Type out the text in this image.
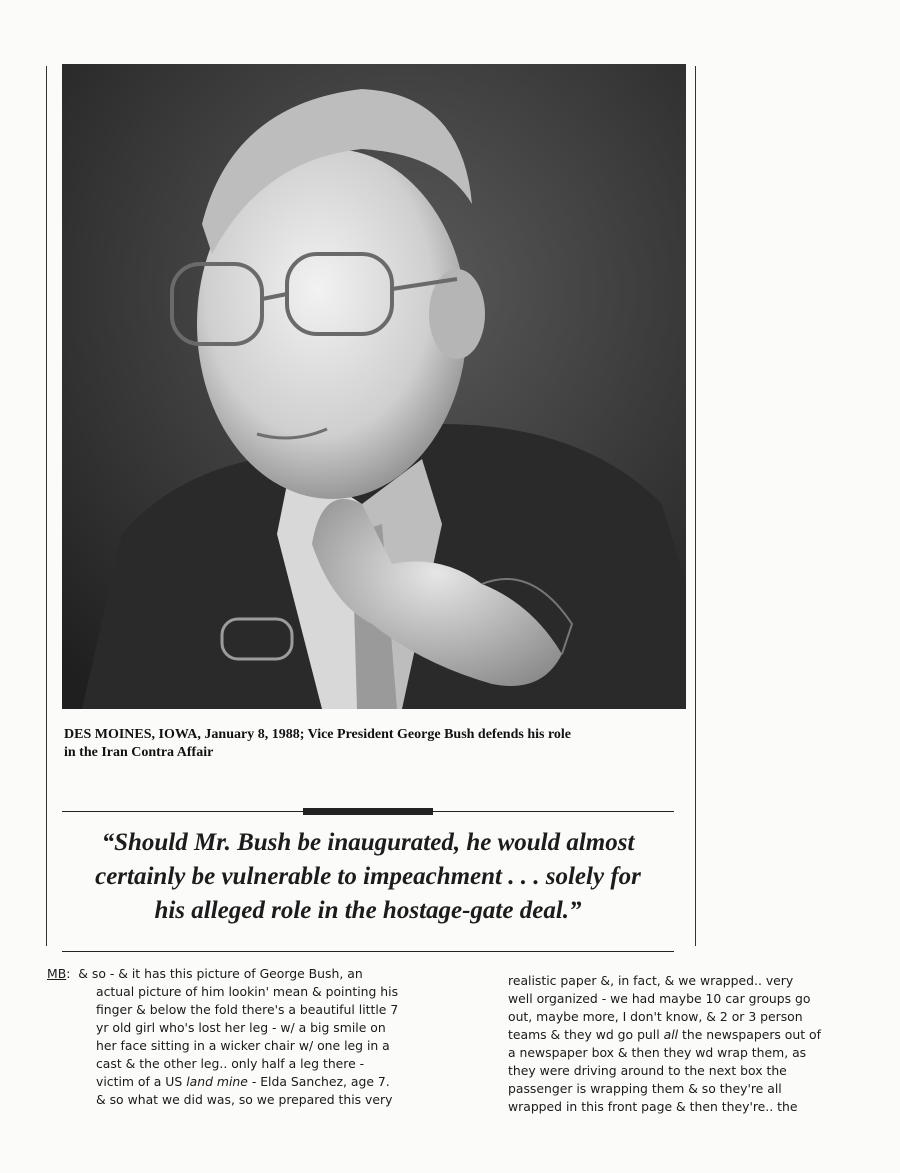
DES MOINES, IOWA, January 8, 1988; Vice President George Bush defends his role
in the Iran Contra Affair
“Should Mr. Bush be inaugurated, he would almost
certainly be vulnerable to impeachment . . . solely for
his alleged role in the hostage-gate deal.”
MB:  & so - & it has this picture of George Bush, an
actual picture of him lookin' mean & pointing his
finger & below the fold there's a beautiful little 7
yr old girl who's lost her leg - w/ a big smile on
her face sitting in a wicker chair w/ one leg in a
cast & the other leg.. only half a leg there -
victim of a US land mine - Elda Sanchez, age 7.
& so what we did was, so we prepared this very
realistic paper &, in fact, & we wrapped.. very
well organized - we had maybe 10 car groups go
out, maybe more, I don't know, & 2 or 3 person
teams & they wd go pull all the newspapers out of
a newspaper box & then they wd wrap them, as
they were driving around to the next box the
passenger is wrapping them & so they're all
wrapped in this front page & then they're.. the
